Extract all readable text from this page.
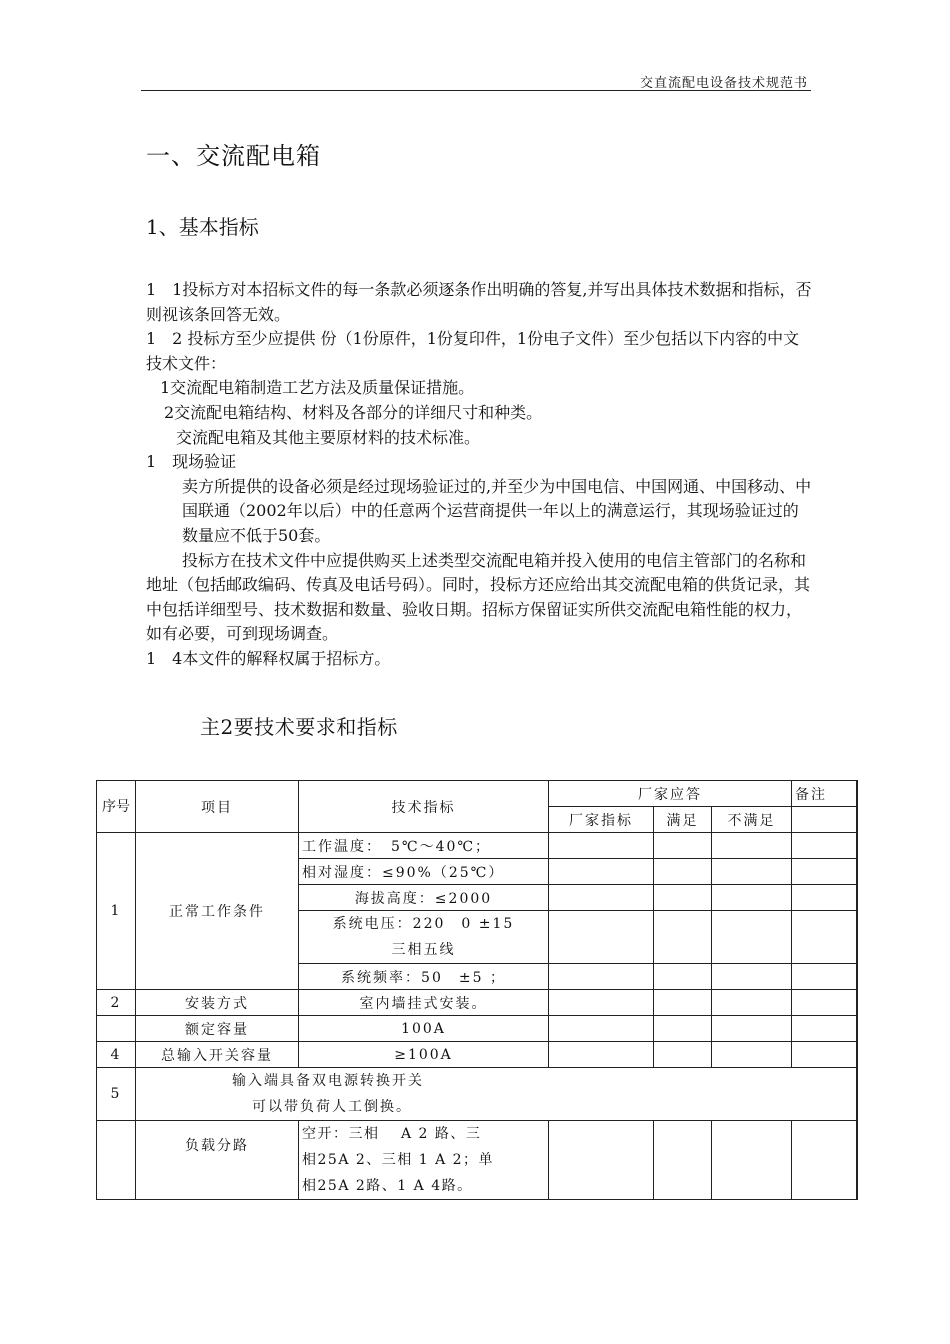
交直流配电设备技术规范书
一、交流配电箱
1、基本指标

1　1投标方对本招标文件的每一条款必须逐条作出明确的答复,并写出具体技术数据和指标，否则视该条回答无效。

1　2 投标方至少应提供 份（1份原件，1份复印件，1份电子文件）至少包括以下内容的中文技术文件：

1交流配电箱制造工艺方法及质量保证措施。

2交流配电箱结构、材料及各部分的详细尺寸和种类。

交流配电箱及其他主要原材料的技术标准。

1　现场验证

卖方所提供的设备必须是经过现场验证过的,并至少为中国电信、中国网通、中国移动、中国联通（2002年以后）中的任意两个运营商提供一年以上的满意运行，其现场验证过的数量应不低于50套。

投标方在技术文件中应提供购买上述类型交流配电箱并投入使用的电信主管部门的名称和地址（包括邮政编码、传真及电话号码）。同时，投标方还应给出其交流配电箱的供货记录，其中包括详细型号、技术数据和数量、验收日期。招标方保留证实所供交流配电箱性能的权力，如有必要，可到现场调查。

1　4本文件的解释权属于招标方。

主2要技术要求和指标
序号	项目	技术指标	厂家应答			备注
			厂家指标	满足	不满足	
1	正常工作条件	工作温度：　5℃～40℃；				
		相对湿度：≤90%（25℃）				
		海拔高度：≤2000				

		系统电压：220　0 ±15
三相五线				

		系统频率：50　±5 ；				
2	安装方式	室内墙挂式安装。				
	额定容量	100A				
4	总输入开关容量	≥100A				
5	输入端具备双电源转换开关
可以带负荷人工倒换。					

	负载分路	空开：三相　 A 2 路、三
相25A 2、三相 1 A 2；单
相25A 2路、1 A 4路。				
